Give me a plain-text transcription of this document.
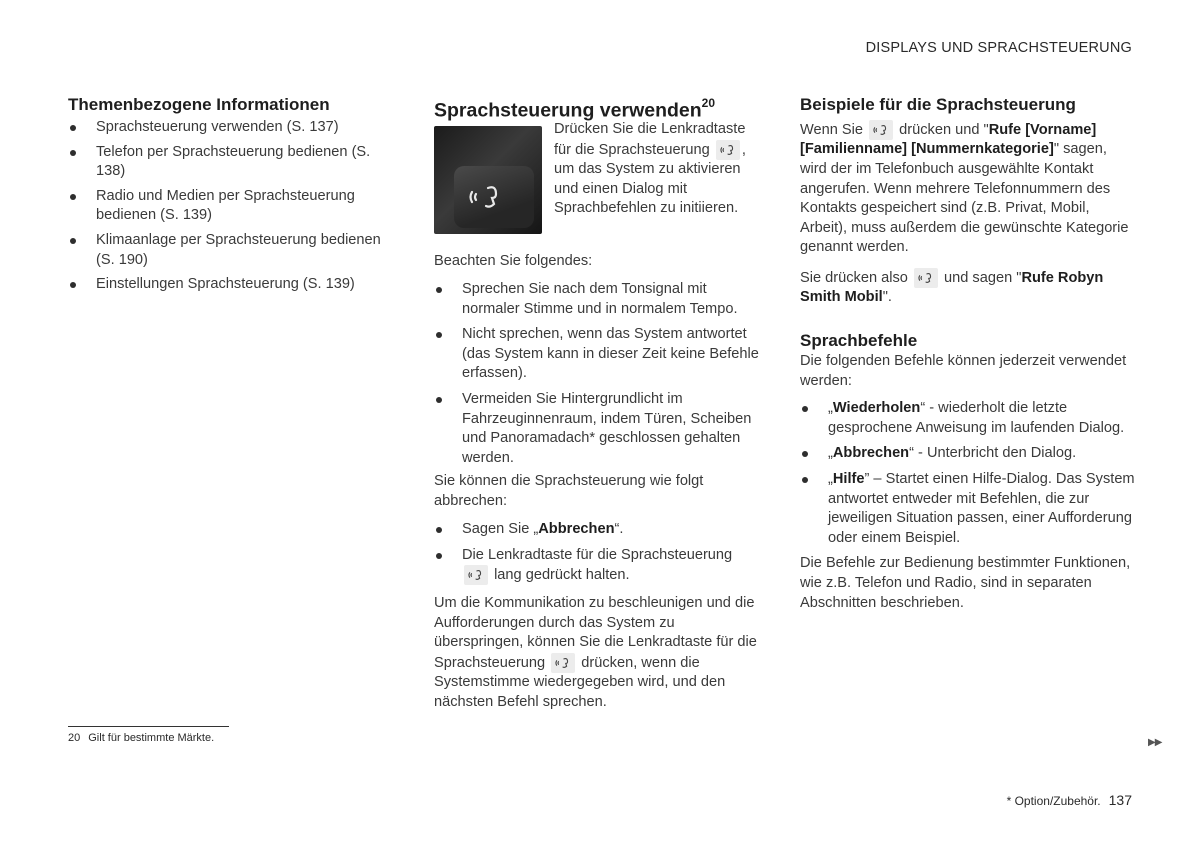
DISPLAYS UND SPRACHSTEUERUNG
Themenbezogene Informationen
Sprachsteuerung verwenden (S. 137)
Telefon per Sprachsteuerung bedienen (S. 138)
Radio und Medien per Sprachsteuerung bedienen (S. 139)
Klimaanlage per Sprachsteuerung bedienen (S. 190)
Einstellungen Sprachsteuerung (S. 139)
Sprachsteuerung verwenden$^{20}$

Drücken Sie die Lenkradtaste für die Sprachsteuerung , um das System zu aktivieren und einen Dialog mit Sprachbefehlen zu initiieren.

Beachten Sie folgendes:

Sprechen Sie nach dem Tonsignal mit normaler Stimme und in normalem Tempo.
Nicht sprechen, wenn das System antwortet (das System kann in dieser Zeit keine Befehle erfassen).
Vermeiden Sie Hintergrundlicht im Fahrzeuginnenraum, indem Türen, Scheiben und Panoramadach* geschlossen gehalten werden.

Sie können die Sprachsteuerung wie folgt abbrechen:

Sagen Sie „Abbrechen“.
Die Lenkradtaste für die Sprachsteuerung

lang gedrückt halten.

Um die Kommunikation zu beschleunigen und die Aufforderungen durch das System zu überspringen, können Sie die Lenkradtaste für die Sprachsteuerung drücken, wenn die Systemstimme wiedergegeben wird, und den nächsten Befehl sprechen.

Beispiele für die Sprachsteuerung

Wenn Sie drücken und "Rufe [Vorname] [Familienname] [Nummernkategorie]" sagen, wird der im Telefonbuch ausgewählte Kontakt angerufen. Wenn mehrere Telefonnummern des Kontakts gespeichert sind (z.B. Privat, Mobil, Arbeit), muss außerdem die gewünschte Kategorie genannt werden.

Sie drücken also und sagen "Rufe Robyn Smith Mobil".

Sprachbefehle

Die folgenden Befehle können jederzeit verwendet werden:

„Wiederholen“ - wiederholt die letzte gesprochene Anweisung im laufenden Dialog.
„Abbrechen“ - Unterbricht den Dialog.
„Hilfe” – Startet einen Hilfe-Dialog. Das System antwortet entweder mit Befehlen, die zur jeweiligen Situation passen, einer Aufforderung oder einem Beispiel.

Die Befehle zur Bedienung bestimmter Funktionen, wie z.B. Telefon und Radio, sind in separaten Abschnitten beschrieben.

20 Gilt für bestimmte Märkte.	▶▶
* Option/Zubehör. 137
